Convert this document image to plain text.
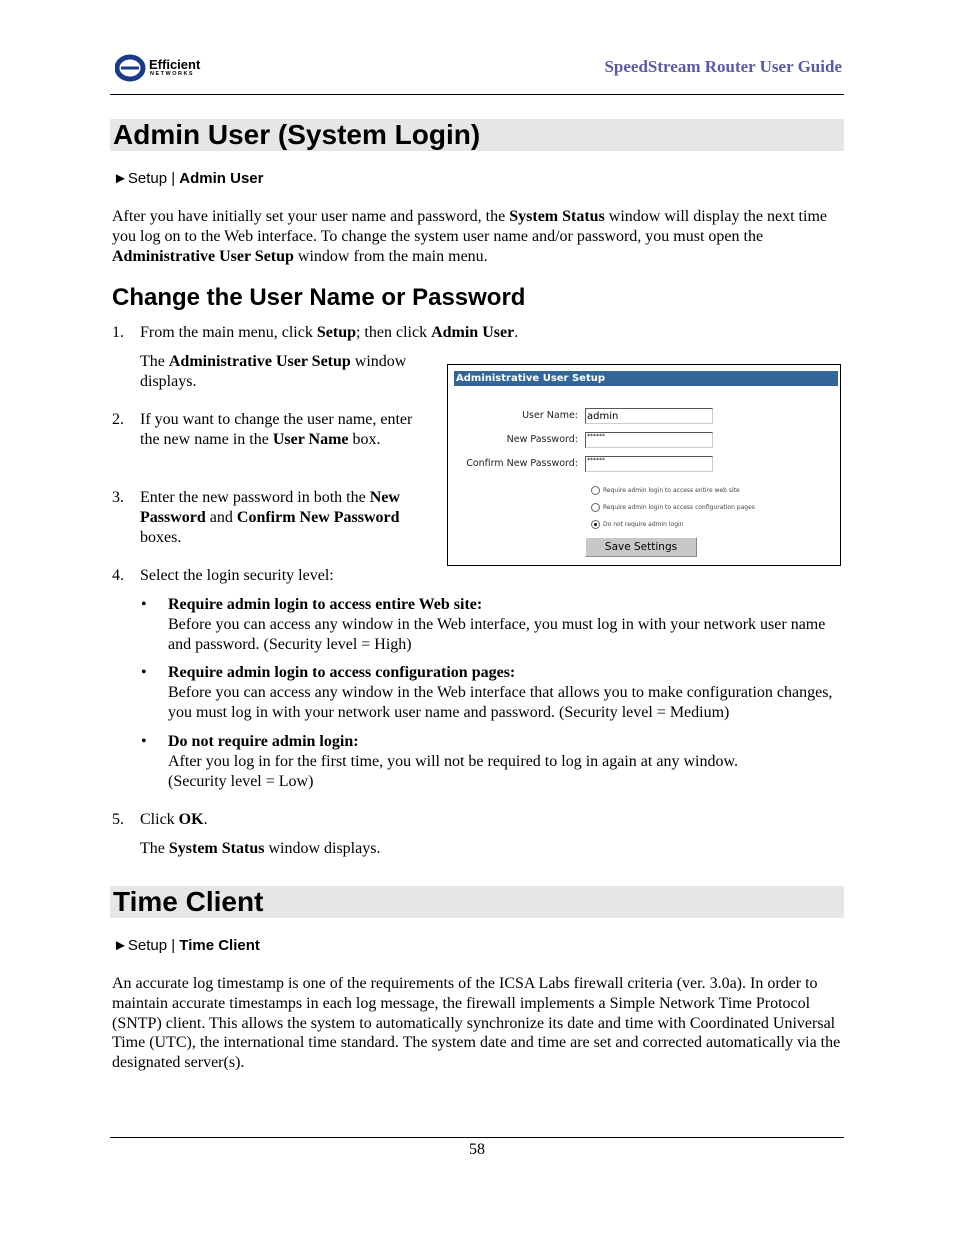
Efficient
NETWORKS	SpeedStream Router User Guide
Admin User (System Login)
►Setup | Admin User
After you have initially set your user name and password, the System Status window will display the next time you log on to the Web interface. To change the system user name and/or password, you must open the Administrative User Setup window from the main menu.
Change the User Name or Password
1. From the main menu, click Setup; then click Admin User.
The Administrative User Setup window displays.
2. If you want to change the user name, enter the new name in the User Name box.
3. Enter the new password in both the New Password and Confirm New Password boxes.
Administrative User Setup
User Name: admin
New Password:	******
Confirm New Password:	******
Require admin login to access entire web site
Require admin login to access configuration pages
Do not require admin login
Save Settings
4. Select the login security level:
• Require admin login to access entire Web site:
Before you can access any window in the Web interface, you must log in with your network user name and password. (Security level = High)
• Require admin login to access configuration pages:
Before you can access any window in the Web interface that allows you to make configuration changes, you must log in with your network user name and password. (Security level = Medium)
• Do not require admin login:
After you log in for the first time, you will not be required to log in again at any window. (Security level = Low)
5. Click OK.
The System Status window displays.
Time Client
►Setup | Time Client
An accurate log timestamp is one of the requirements of the ICSA Labs firewall criteria (ver. 3.0a). In order to maintain accurate timestamps in each log message, the firewall implements a Simple Network Time Protocol (SNTP) client. This allows the system to automatically synchronize its date and time with Coordinated Universal Time (UTC), the international time standard. The system date and time are set and corrected automatically via the designated server(s).
58
